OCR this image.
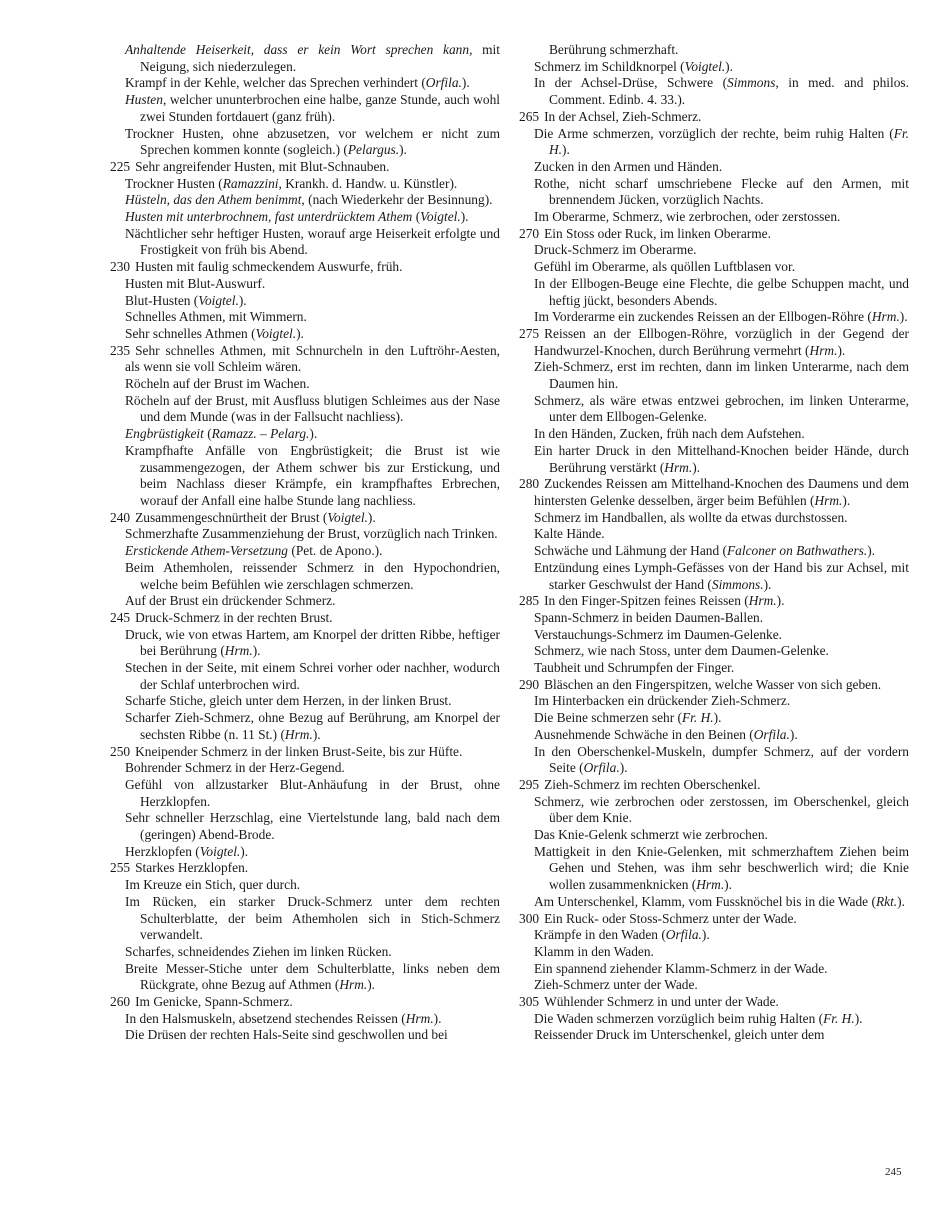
Anhaltende Heiserkeit, dass er kein Wort sprechen kann, mit Neigung, sich niederzulegen.
Krampf in der Kehle, welcher das Sprechen verhindert (Orfila.).
Husten, welcher ununterbrochen eine halbe, ganze Stunde, auch wohl zwei Stunden fortdauert (ganz früh).
Trockner Husten, ohne abzusetzen, vor welchem er nicht zum Sprechen kommen konnte (sogleich.) (Pelargus.).
225 ​Sehr angreifender Husten, mit Blut-Schnauben.
Trockner Husten (Ramazzini, Krankh. d. Handw. u. Künstler).
Hüsteln, das den Athem benimmt, (nach Wiederkehr der Besinnung).
Husten mit unterbrochnem, fast unterdrücktem Athem (Voigtel.).
Nächtlicher sehr heftiger Husten, worauf arge Heiserkeit erfolgte und Frostigkeit von früh bis Abend.
230 ​Husten mit faulig schmeckendem Auswurfe, früh.
Husten mit Blut-Auswurf.
Blut-Husten (Voigtel.).
Schnelles Athmen, mit Wimmern.
Sehr schnelles Athmen (Voigtel.).
235 ​Sehr schnelles Athmen, mit Schnurcheln in den Luftröhr-Aesten, als wenn sie voll Schleim wären.
Röcheln auf der Brust im Wachen.
Röcheln auf der Brust, mit Ausfluss blutigen Schleimes aus der Nase und dem Munde (was in der Fallsucht nachliess).
Engbrüstigkeit (Ramazz. – Pelarg.).
Krampfhafte Anfälle von Engbrüstigkeit; die Brust ist wie zusammengezogen, der Athem schwer bis zur Erstickung, und beim Nachlass dieser Krämpfe, ein krampfhaftes Erbrechen, worauf der Anfall eine halbe Stunde lang nachliess.
240 ​Zusammengeschnürtheit der Brust (Voigtel.).
Schmerzhafte Zusammenziehung der Brust, vorzüglich nach Trinken.
Erstickende Athem-Versetzung (Pet. de Apono.).
Beim Athemholen, reissender Schmerz in den Hypochondrien, welche beim Befühlen wie zerschlagen schmerzen.
Auf der Brust ein drückender Schmerz.
245 ​Druck-Schmerz in der rechten Brust.
Druck, wie von etwas Hartem, am Knorpel der dritten Ribbe, heftiger bei Berührung (Hrm.).
Stechen in der Seite, mit einem Schrei vorher oder nachher, wodurch der Schlaf unterbrochen wird.
Scharfe Stiche, gleich unter dem Herzen, in der linken Brust.
Scharfer Zieh-Schmerz, ohne Bezug auf Berührung, am Knorpel der sechsten Ribbe (n. 11 St.) (Hrm.).
250 ​Kneipender Schmerz in der linken Brust-Seite, bis zur Hüfte.
Bohrender Schmerz in der Herz-Gegend.
Gefühl von allzustarker Blut-Anhäufung in der Brust, ohne Herzklopfen.
Sehr schneller Herzschlag, eine Viertelstunde lang, bald nach dem (geringen) Abend-Brode.
Herzklopfen (Voigtel.).
255 ​Starkes Herzklopfen.
Im Kreuze ein Stich, quer durch.
Im Rücken, ein starker Druck-Schmerz unter dem rechten Schulterblatte, der beim Athemholen sich in Stich-Schmerz verwandelt.
Scharfes, schneidendes Ziehen im linken Rücken.
Breite Messer-Stiche unter dem Schulterblatte, links neben dem Rückgrate, ohne Bezug auf Athmen (Hrm.).
260 ​Im Genicke, Spann-Schmerz.
In den Halsmuskeln, absetzend stechendes Reissen (Hrm.).
Die Drüsen der rechten Hals-Seite sind geschwollen und bei
Berührung schmerzhaft.
Schmerz im Schildknorpel (Voigtel.).
In der Achsel-Drüse, Schwere (Simmons, in med. and philos. Comment. Edinb. 4. 33.).
265 ​In der Achsel, Zieh-Schmerz.
Die Arme schmerzen, vorzüglich der rechte, beim ruhig Halten (Fr. H.).
Zucken in den Armen und Händen.
Rothe, nicht scharf umschriebene Flecke auf den Armen, mit brennendem Jücken, vorzüglich Nachts.
Im Oberarme, Schmerz, wie zerbrochen, oder zerstossen.
270 ​Ein Stoss oder Ruck, im linken Oberarme.
Druck-Schmerz im Oberarme.
Gefühl im Oberarme, als quöllen Luftblasen vor.
In der Ellbogen-Beuge eine Flechte, die gelbe Schuppen macht, und heftig jückt, besonders Abends.
Im Vorderarme ein zuckendes Reissen an der Ellbogen-Röhre (Hrm.).
275 ​Reissen an der Ellbogen-Röhre, vorzüglich in der Gegend der Handwurzel-Knochen, durch Berührung vermehrt (Hrm.).
Zieh-Schmerz, erst im rechten, dann im linken Unterarme, nach dem Daumen hin.
Schmerz, als wäre etwas entzwei gebrochen, im linken Unterarme, unter dem Ellbogen-Gelenke.
In den Händen, Zucken, früh nach dem Aufstehen.
Ein harter Druck in den Mittelhand-Knochen beider Hände, durch Berührung verstärkt (Hrm.).
280 ​Zuckendes Reissen am Mittelhand-Knochen des Daumens und dem hintersten Gelenke desselben, ärger beim Befühlen (Hrm.).
Schmerz im Handballen, als wollte da etwas durchstossen.
Kalte Hände.
Schwäche und Lähmung der Hand (Falconer on Bathwathers.).
Entzündung eines Lymph-Gefässes von der Hand bis zur Achsel, mit starker Geschwulst der Hand (Simmons.).
285 ​In den Finger-Spitzen feines Reissen (Hrm.).
Spann-Schmerz in beiden Daumen-Ballen.
Verstauchungs-Schmerz im Daumen-Gelenke.
Schmerz, wie nach Stoss, unter dem Daumen-Gelenke.
Taubheit und Schrumpfen der Finger.
290 ​Bläschen an den Fingerspitzen, welche Wasser von sich geben.
Im Hinterbacken ein drückender Zieh-Schmerz.
Die Beine schmerzen sehr (Fr. H.).
Ausnehmende Schwäche in den Beinen (Orfila.).
In den Oberschenkel-Muskeln, dumpfer Schmerz, auf der vordern Seite (Orfila.).
295 ​Zieh-Schmerz im rechten Oberschenkel.
Schmerz, wie zerbrochen oder zerstossen, im Oberschenkel, gleich über dem Knie.
Das Knie-Gelenk schmerzt wie zerbrochen.
Mattigkeit in den Knie-Gelenken, mit schmerzhaftem Ziehen beim Gehen und Stehen, was ihm sehr beschwerlich wird; die Knie wollen zusammenknicken (Hrm.).
Am Unterschenkel, Klamm, vom Fussknöchel bis in die Wade (Rkt.).
300 ​Ein Ruck- oder Stoss-Schmerz unter der Wade.
Krämpfe in den Waden (Orfila.).
Klamm in den Waden.
Ein spannend ziehender Klamm-Schmerz in der Wade.
Zieh-Schmerz unter der Wade.
305 ​Wühlender Schmerz in und unter der Wade.
Die Waden schmerzen vorzüglich beim ruhig Halten (Fr. H.).
Reissender Druck im Unterschenkel, gleich unter dem
245
